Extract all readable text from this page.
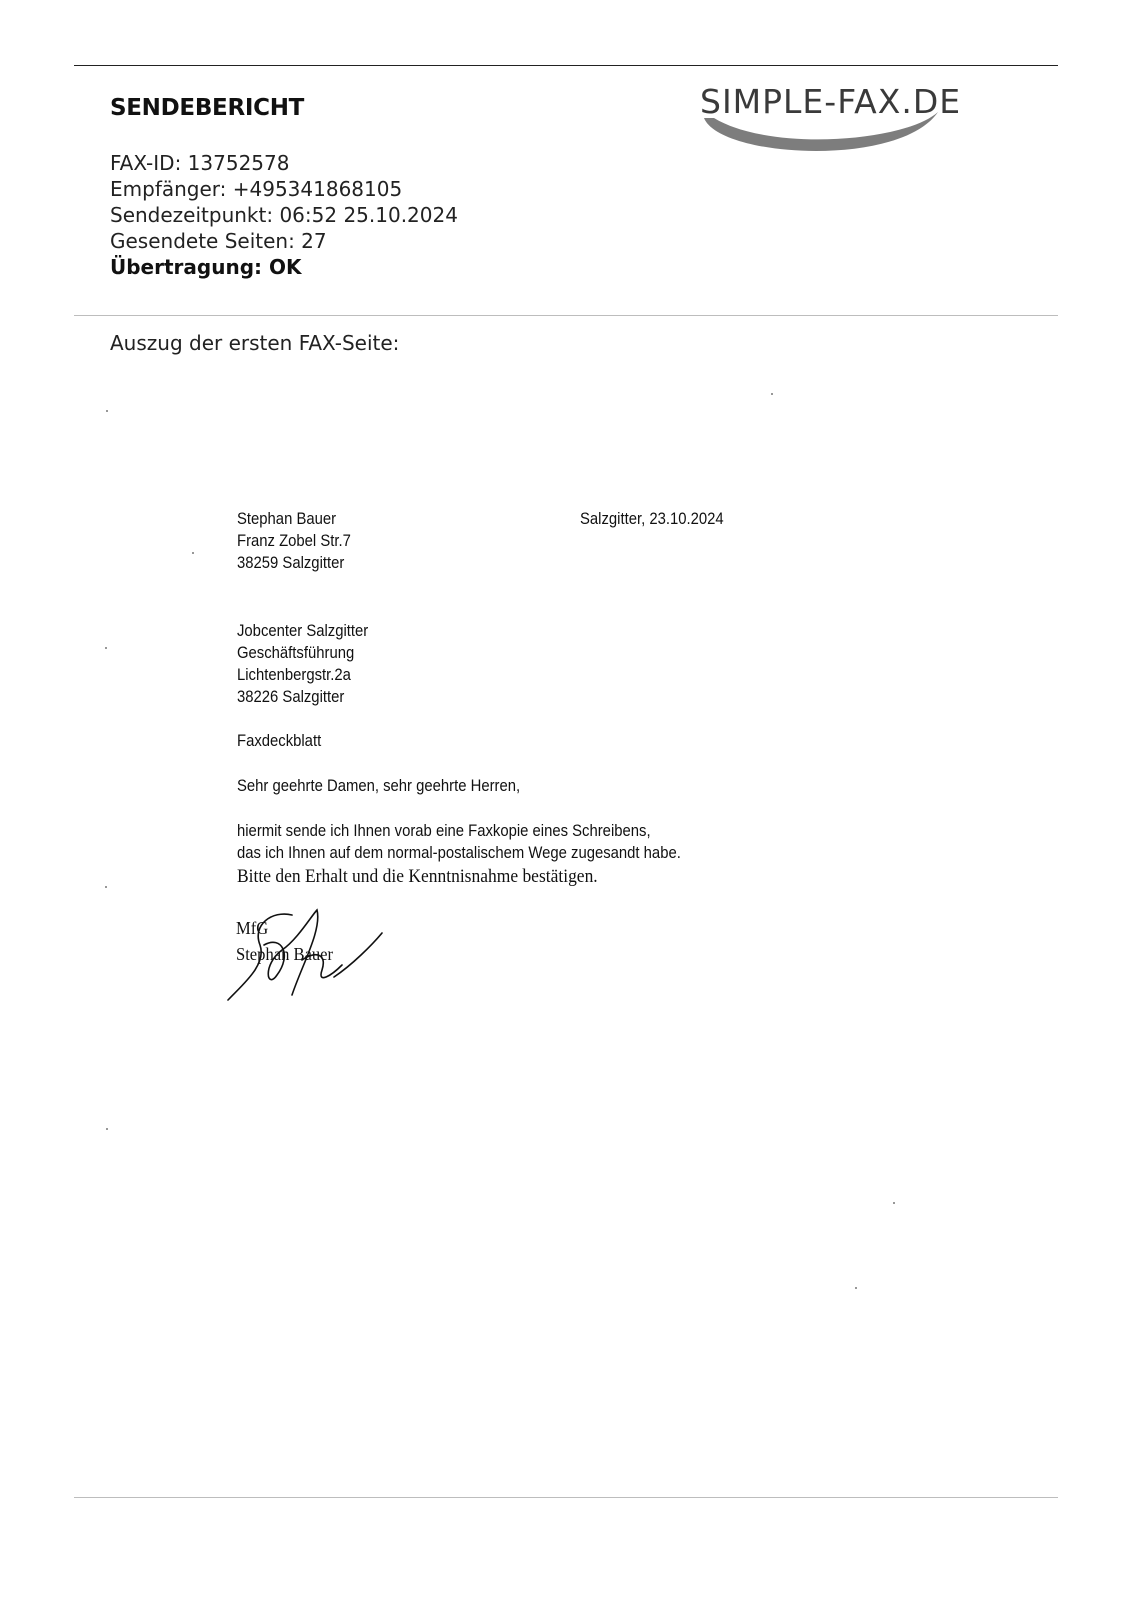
SENDEBERICHT
FAX-ID: 13752578
Empfänger: +495341868105
Sendezeitpunkt: 06:52 25.10.2024
Gesendete Seiten: 27
Übertragung: OK
SIMPLE-FAX.DE
Auszug der ersten FAX-Seite:
Stephan Bauer
Franz Zobel Str.7
38259 Salzgitter
Salzgitter, 23.10.2024
Jobcenter Salzgitter
Geschäftsführung
Lichtenbergstr.2a
38226 Salzgitter
Faxdeckblatt
Sehr geehrte Damen, sehr geehrte Herren,
hiermit sende ich Ihnen vorab eine Faxkopie eines Schreibens,
das ich Ihnen auf dem normal-postalischem Wege zugesandt habe.
Bitte den Erhalt und die Kenntnisnahme bestätigen.
MfG
Stephan Bauer
